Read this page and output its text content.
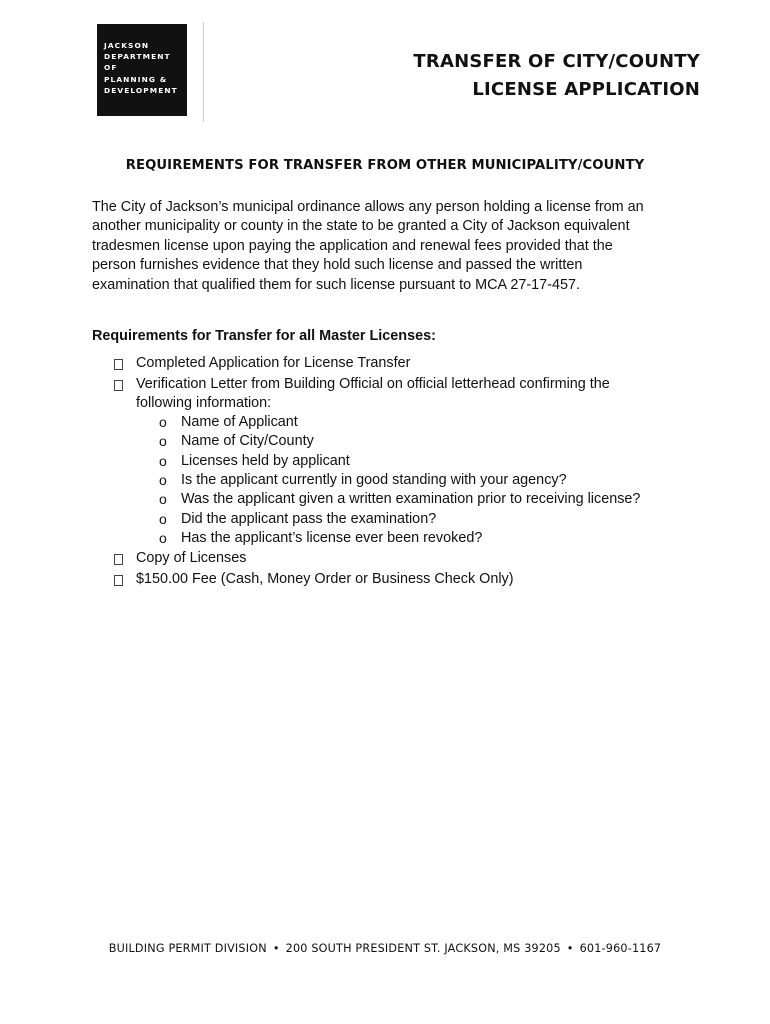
JACKSON
DEPARTMENT
OF
PLANNING &
DEVELOPMENT
TRANSFER OF CITY/COUNTY
LICENSE APPLICATION
REQUIREMENTS FOR TRANSFER FROM OTHER MUNICIPALITY/COUNTY

The City of Jackson’s municipal ordinance allows any person holding a license from an
another municipality or county in the state to be granted a City of Jackson equivalent
tradesmen license upon paying the application and renewal fees provided that the
person furnishes evidence that they hold such license and passed the written
examination that qualified them for such license pursuant to MCA 27-17-457.

Requirements for Transfer for all Master Licenses:

Completed Application for License Transfer
Verification Letter from Building Official on official letterhead confirming the
following information:
o Name of Applicant
o Name of City/County
o Licenses held by applicant
o Is the applicant currently in good standing with your agency?
o Was the applicant given a written examination prior to receiving license?
o Did the applicant pass the examination?
o Has the applicant’s license ever been revoked?
Copy of Licenses
$150.00 Fee (Cash, Money Order or Business Check Only)
BUILDING PERMIT DIVISION • 200 SOUTH PRESIDENT ST. JACKSON, MS 39205 • 601-960-1167
